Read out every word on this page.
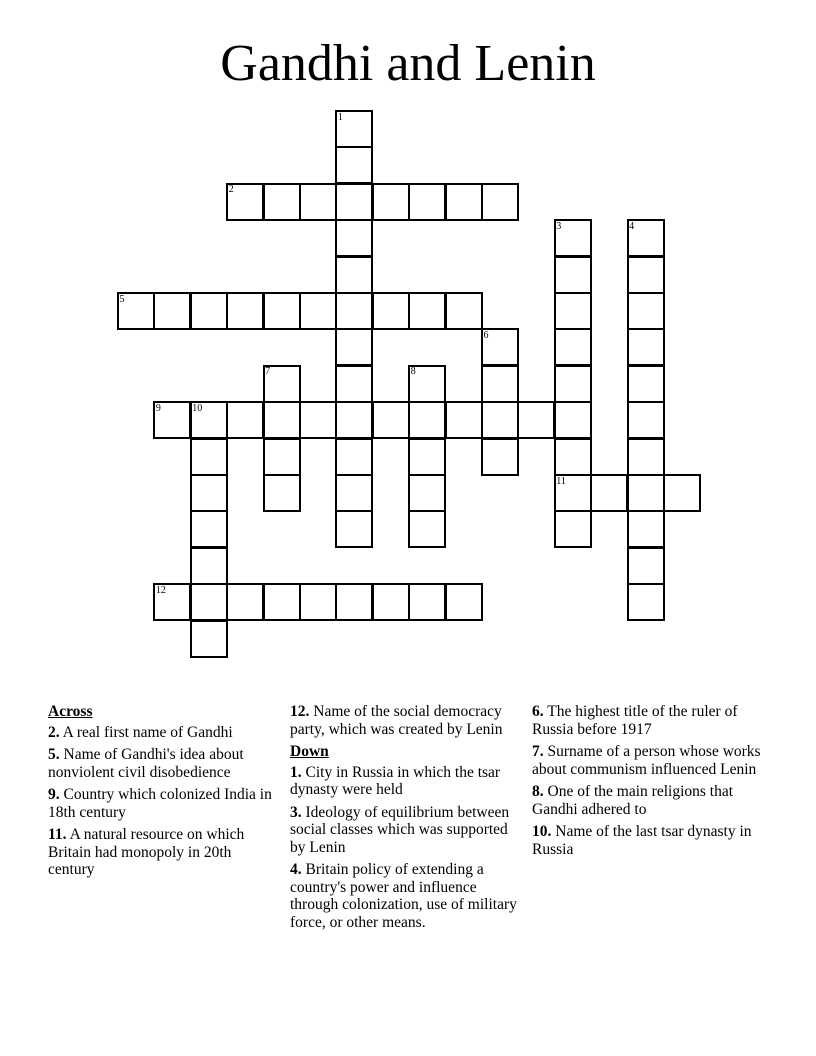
Gandhi and Lenin
1
2
3	4
5
6
7	8
9	10
11
12
Across
2. A real first name of Gandhi
5. Name of Gandhi's idea about nonviolent civil disobedience
9. Country which colonized India in 18th century
11. A natural resource on which Britain had monopoly in 20th century
12. Name of the social democracy party, which was created by Lenin
Down
1. City in Russia in which the tsar dynasty were held
3. Ideology of equilibrium between social classes which was supported by Lenin
4. Britain policy of extending a country's power and influence through colonization, use of military force, or other means.
6. The highest title of the ruler of Russia before 1917
7. Surname of a person whose works about communism influenced Lenin
8. One of the main religions that Gandhi adhered to
10. Name of the last tsar dynasty in Russia
